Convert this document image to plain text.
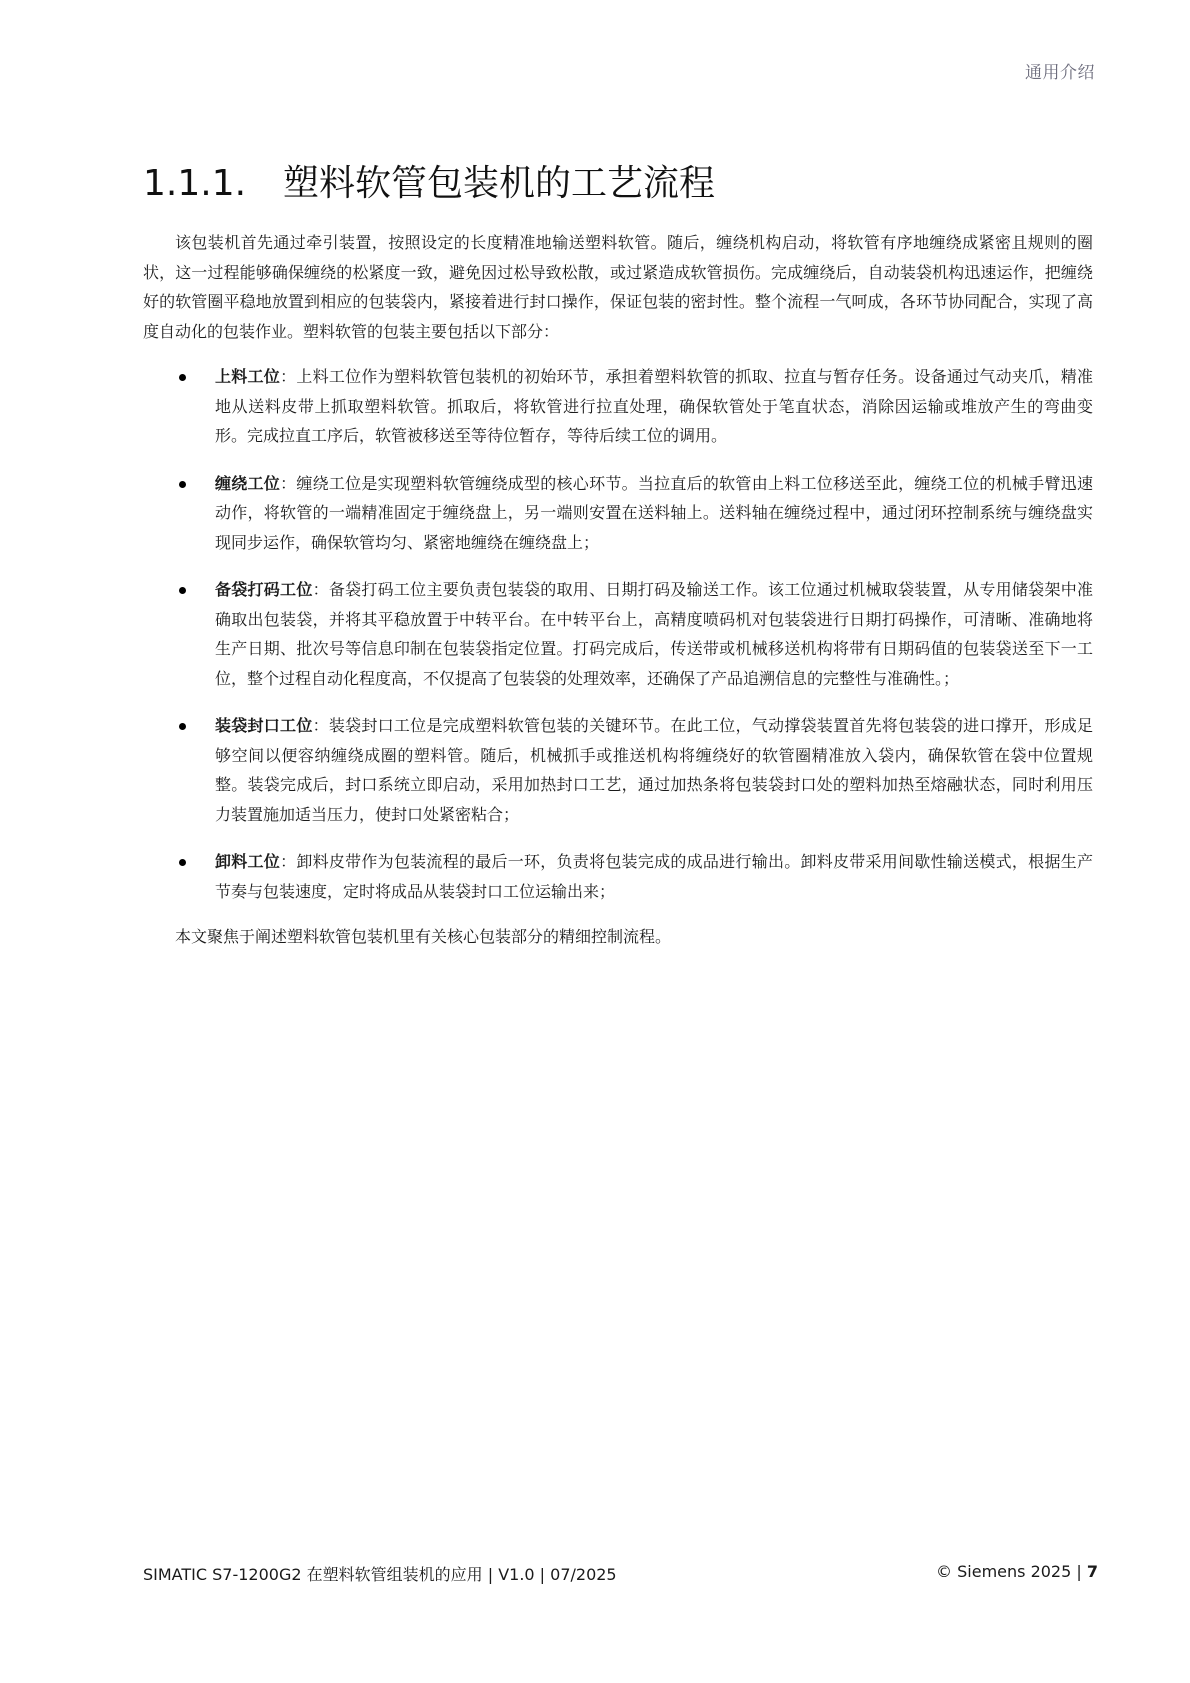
通用介绍
1.1.1.	塑料软管包装机的工艺流程

该包装机首先通过牵引装置，按照设定的长度精准地输送塑料软管。随后，缠绕机构启动，将软管有序地缠绕成紧密且规则的圈状，这一过程能够确保缠绕的松紧度一致，避免因过松导致松散，或过紧造成软管损伤。完成缠绕后，自动装袋机构迅速运作，把缠绕好的软管圈平稳地放置到相应的包装袋内，紧接着进行封口操作，保证包装的密封性。整个流程一气呵成，各环节协同配合，实现了高度自动化的包装作业。塑料软管的包装主要包括以下部分：

上料工位：上料工位作为塑料软管包装机的初始环节，承担着塑料软管的抓取、拉直与暂存任务。设备通过气动夹爪，精准地从送料皮带上抓取塑料软管。抓取后，将软管进行拉直处理，确保软管处于笔直状态，消除因运输或堆放产生的弯曲变形。完成拉直工序后，软管被移送至等待位暂存，等待后续工位的调用。
缠绕工位：缠绕工位是实现塑料软管缠绕成型的核心环节。当拉直后的软管由上料工位移送至此，缠绕工位的机械手臂迅速动作，将软管的一端精准固定于缠绕盘上，另一端则安置在送料轴上。送料轴在缠绕过程中，通过闭环控制系统与缠绕盘实现同步运作，确保软管均匀、紧密地缠绕在缠绕盘上；
备袋打码工位：备袋打码工位主要负责包装袋的取用、日期打码及输送工作。该工位通过机械取袋装置，从专用储袋架中准确取出包装袋，并将其平稳放置于中转平台。在中转平台上，高精度喷码机对包装袋进行日期打码操作，可清晰、准确地将生产日期、批次号等信息印制在包装袋指定位置。打码完成后，传送带或机械移送机构将带有日期码值的包装袋送至下一工位，整个过程自动化程度高，不仅提高了包装袋的处理效率，还确保了产品追溯信息的完整性与准确性。；
装袋封口工位：装袋封口工位是完成塑料软管包装的关键环节。在此工位，气动撑袋装置首先将包装袋的进口撑开，形成足够空间以便容纳缠绕成圈的塑料管。随后，机械抓手或推送机构将缠绕好的软管圈精准放入袋内，确保软管在袋中位置规整。装袋完成后，封口系统立即启动，采用加热封口工艺，通过加热条将包装袋封口处的塑料加热至熔融状态，同时利用压力装置施加适当压力，使封口处紧密粘合；
卸料工位：卸料皮带作为包装流程的最后一环，负责将包装完成的成品进行输出。卸料皮带采用间歇性输送模式，根据生产节奏与包装速度，定时将成品从装袋封口工位运输出来；

本文聚焦于阐述塑料软管包装机里有关核心包装部分的精细控制流程。

SIMATIC S7-1200G2 在塑料软管组装机的应用 | V1.0 | 07/2025	© Siemens 2025 | 7
